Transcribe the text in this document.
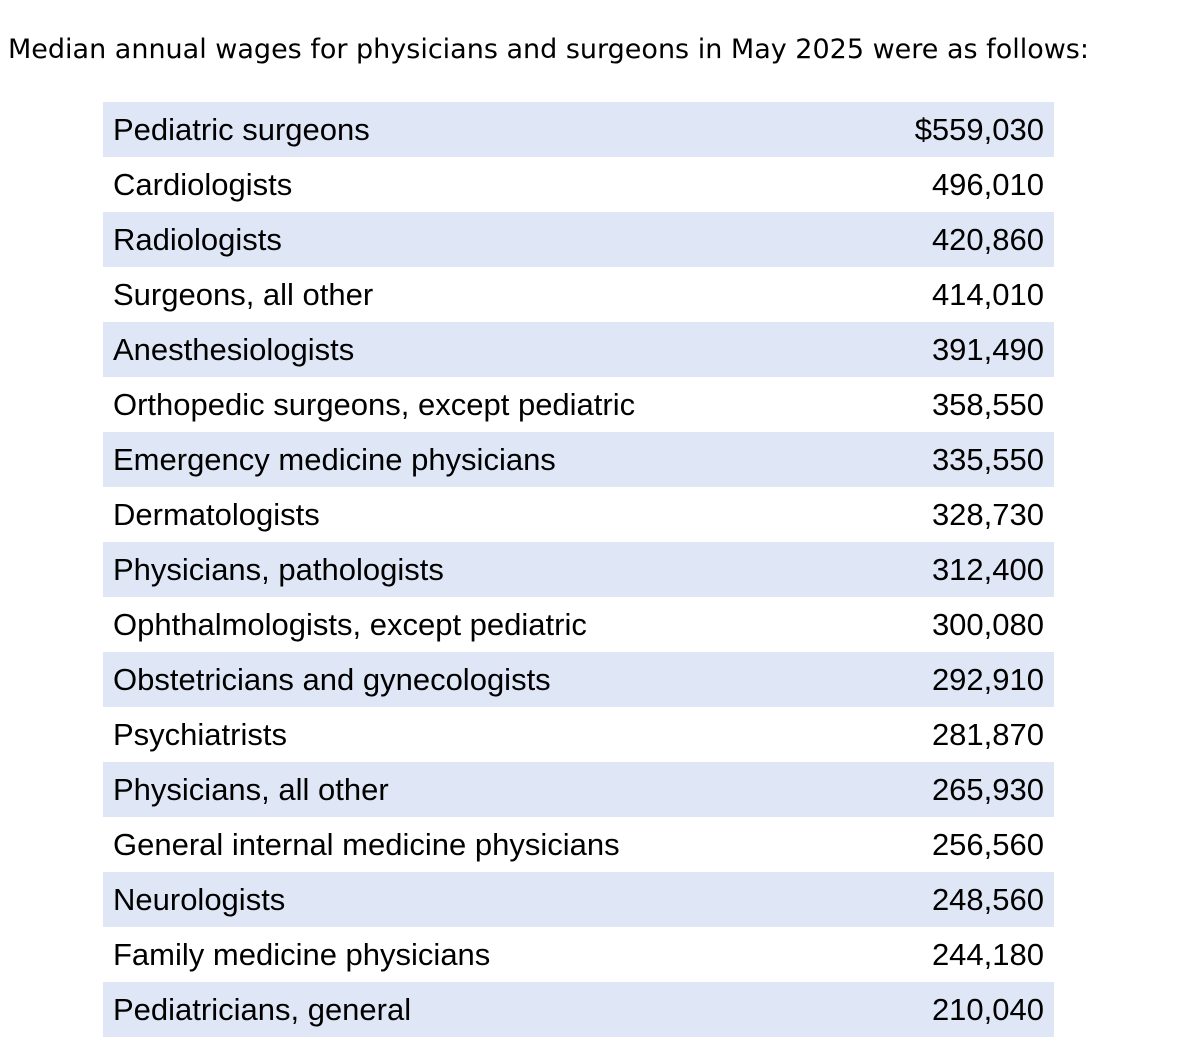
Median annual wages for physicians and surgeons in May 2025 were as follows:

Pediatric surgeons	$559,030
Cardiologists	496,010
Radiologists	420,860
Surgeons, all other	414,010
Anesthesiologists	391,490
Orthopedic surgeons, except pediatric	358,550
Emergency medicine physicians	335,550
Dermatologists	328,730
Physicians, pathologists	312,400
Ophthalmologists, except pediatric	300,080
Obstetricians and gynecologists	292,910
Psychiatrists	281,870
Physicians, all other	265,930
General internal medicine physicians	256,560
Neurologists	248,560
Family medicine physicians	244,180
Pediatricians, general	210,040
